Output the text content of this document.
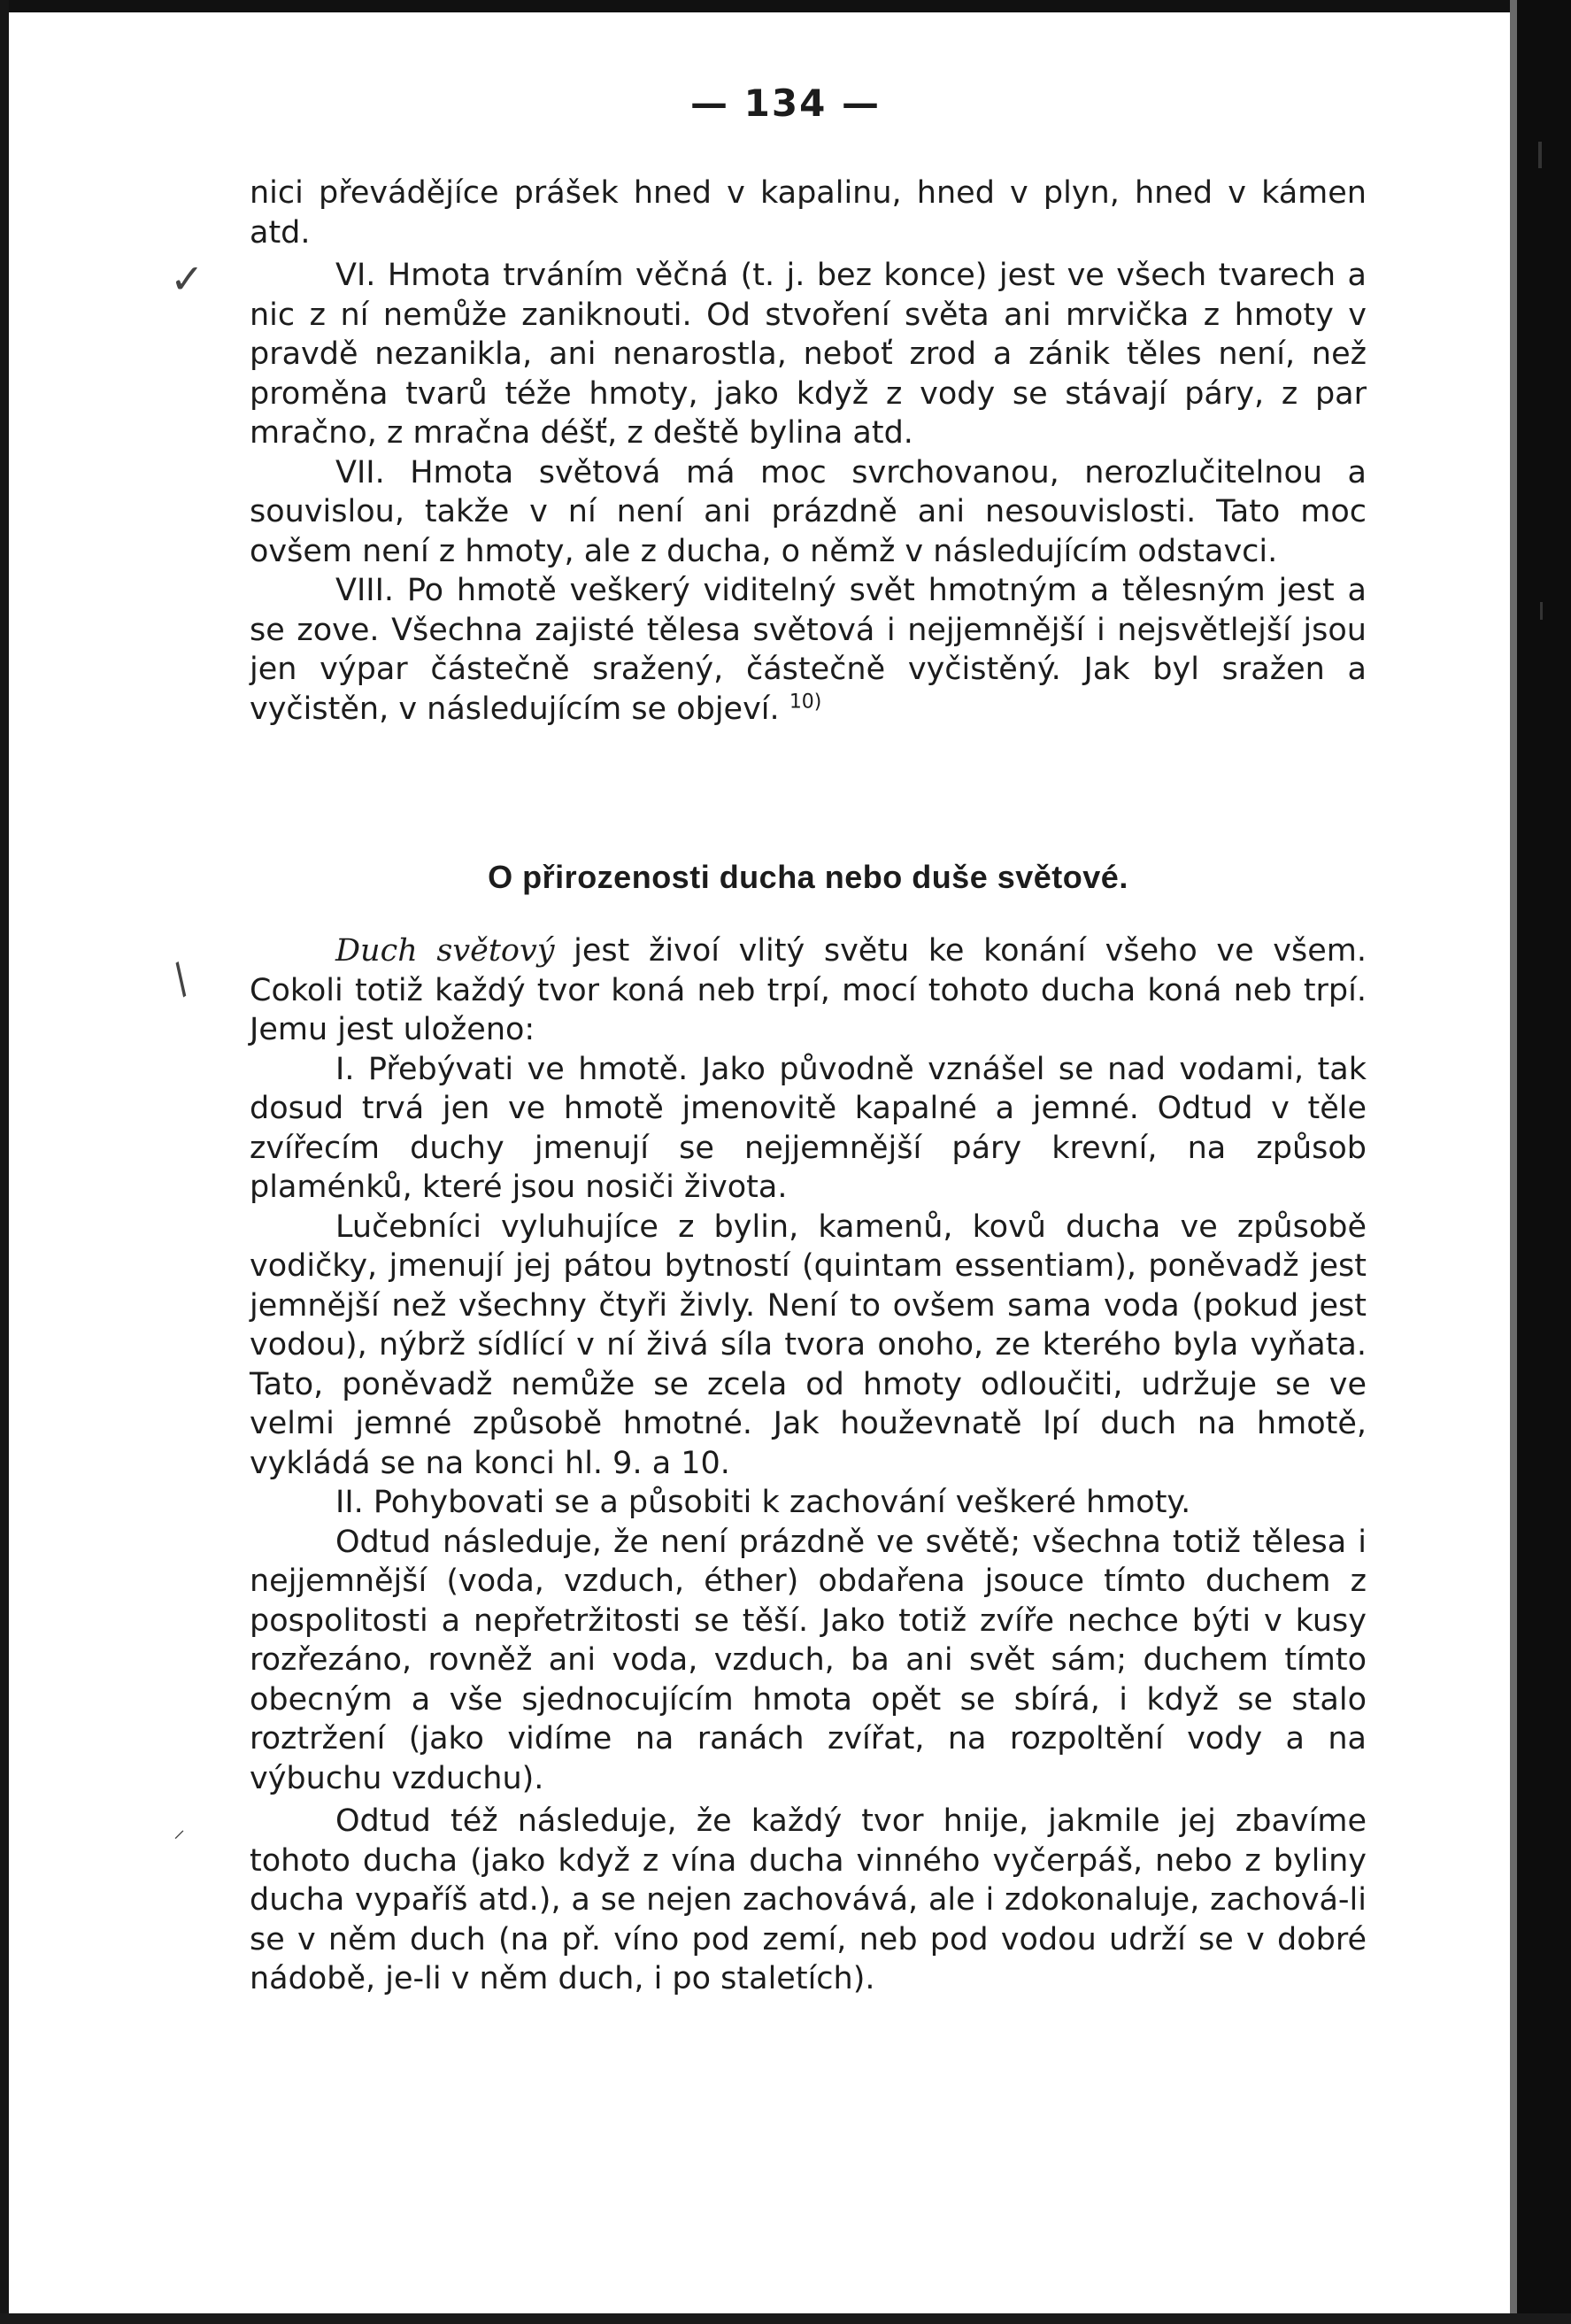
— 134 —
✓
/
⸝

nici převáděјíce prášek hned v kapalinu, hned v plyn, hned v kámen atd.

VI. Hmota trváním věčná (t. j. bez konce) jest ve všech tvarech a nic z ní nemůže zaniknouti. Od stvoření světa ani mrvička z hmoty v pravdě nezanikla, ani nenarostla, neboť zrod a zánik těles není, než proměna tvarů téže hmoty, jako když z vody se stávají páry, z par mračno, z mračna déšť, z deště bylina atd.

VII. Hmota světová má moc svrchovanou, nerozlučitelnou a souvislou, takže v ní není ani prázdně ani nesouvislosti. Tato moc ovšem není z hmoty, ale z ducha, o němž v následujícím odstavci.

VIII. Po hmotě veškerý viditelný svět hmotným a tělesným jest a se zove. Všechna zajisté tělesa světová i nejjemnější i nejsvětlejší jsou jen výpar částečně sražený, částečně vyčistěný. Jak byl sražen a vyčistěn, v následujícím se objeví. $^{10)}$

O přirozenosti ducha nebo duše světové.

Duch světový jest živoí vlitý světu ke konání všeho ve všem. Cokoli totiž každý tvor koná neb trpí, mocí tohoto ducha koná neb trpí. Jemu jest uloženo:

I. Přebývati ve hmotě. Jako původně vznášel se nad vodami, tak dosud trvá jen ve hmotě jmenovitě kapalné a jemné. Odtud v těle zvířecím duchy jmenují se nejjemnější páry krevní, na způsob plaménků, které jsou nosiči života.

Lučebníci vyluhujíce z bylin, kamenů, kovů ducha ve způsobě vodičky, jmenují jej pátou bytností (quintam essentiam), poněvadž jest jemnější než všechny čtyři živly. Není to ovšem sama voda (pokud jest vodou), nýbrž sídlící v ní živá síla tvora onoho, ze kterého byla vyňata. Tato, poněvadž nemůže se zcela od hmoty odloučiti, udržuje se ve velmi jemné způsobě hmotné. Jak houževnatě lpí duch na hmotě, vykládá se na konci hl. 9. a 10.

II. Pohybovati se a působiti k zachování veškeré hmoty.

Odtud následuje, že není prázdně ve světě; všechna totiž tělesa i nejjemnější (voda, vzduch, éther) obdařena jsouce tímto duchem z pospolitosti a nepřetržitosti se těší. Jako totiž zvíře nechce býti v kusy rozřezáno, rovněž ani voda, vzduch, ba ani svět sám; duchem tímto obecným a vše sjednocujícím hmota opět se sbírá, i když se stalo roztržení (jako vidíme na ranách zvířat, na rozpoltění vody a na výbuchu vzduchu).

Odtud též následuje, že každý tvor hnije, jakmile jej zbavíme tohoto ducha (jako když z vína ducha vinného vyčerpáš, nebo z byliny ducha vypaříš atd.), a se nejen zachovává, ale i zdokonaluje, zachová-li se v něm duch (na př. víno pod zemí, neb pod vodou udrží se v dobré nádobě, je-li v něm duch, i po staletích).
